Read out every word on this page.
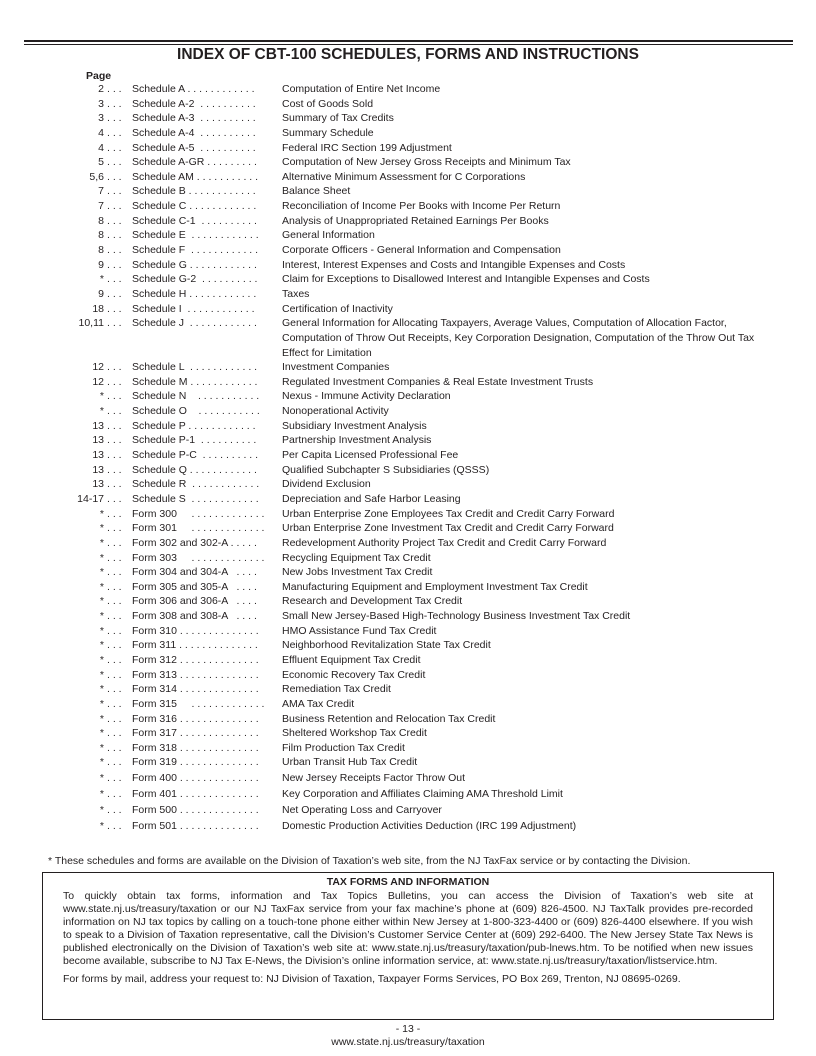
INDEX OF CBT-100 SCHEDULES, FORMS AND INSTRUCTIONS
Page
2 . . . Schedule A . . . . . . . . . . . .	Computation of Entire Net Income
3 . . . Schedule A-2  . . . . . . . . . .	Cost of Goods Sold
3 . . . Schedule A-3  . . . . . . . . . .	Summary of Tax Credits
4 . . . Schedule A-4  . . . . . . . . . .	Summary Schedule
4 . . . Schedule A-5  . . . . . . . . . .	Federal IRC Section 199 Adjustment
5 . . . Schedule A-GR . . . . . . . . . Computation of New Jersey Gross Receipts and Minimum Tax
5,6 . . . Schedule AM . . . . . . . . . . . Alternative Minimum Assessment for C Corporations
7 . . . Schedule B . . . . . . . . . . . .	Balance Sheet
7 . . . Schedule C . . . . . . . . . . . . Reconciliation of Income Per Books with Income Per Return
8 . . . Schedule C-1  . . . . . . . . . . Analysis of Unappropriated Retained Earnings Per Books
8 . . . Schedule E  . . . . . . . . . . . . General Information
8 . . . Schedule F  . . . . . . . . . . . . Corporate Officers - General Information and Compensation
9 . . . Schedule G . . . . . . . . . . . . Interest, Interest Expenses and Costs and Intangible Expenses and Costs
* . . . Schedule G-2  . . . . . . . . . . Claim for Exceptions to Disallowed Interest and Intangible Expenses and Costs
9 . . . Schedule H . . . . . . . . . . . . Taxes
18 . . . Schedule I  . . . . . . . . . . . .	Certification of Inactivity
10,11 . . . Schedule J  . . . . . . . . . . . . General Information for Allocating Taxpayers, Average Values, Computation of Allocation Factor, Computation of Throw Out Receipts, Key Corporation Designation, Computation of the Throw Out Tax Effect for Limitation
12 . . . Schedule L  . . . . . . . . . . . . Investment Companies
12 . . . Schedule M . . . . . . . . . . . . Regulated Investment Companies & Real Estate Investment Trusts
* . . . Schedule N    . . . . . . . . . . . Nexus - Immune Activity Declaration
* . . . Schedule O    . . . . . . . . . . . Nonoperational Activity
13 . . . Schedule P . . . . . . . . . . . .	Subsidiary Investment Analysis
13 . . . Schedule P-1  . . . . . . . . . . Partnership Investment Analysis
13 . . . Schedule P-C  . . . . . . . . . . Per Capita Licensed Professional Fee
13 . . . Schedule Q . . . . . . . . . . . . Qualified Subchapter S Subsidiaries (QSSS)
13 . . . Schedule R  . . . . . . . . . . . . Dividend Exclusion
14-17 . . . Schedule S  . . . . . . . . . . . . Depreciation and Safe Harbor Leasing
* . . . Form 300     . . . . . . . . . . . . . Urban Enterprise Zone Employees Tax Credit and Credit Carry Forward
* . . . Form 301     . . . . . . . . . . . . . Urban Enterprise Zone Investment Tax Credit and Credit Carry Forward
* . . . Form 302 and 302-A . . . . . Redevelopment Authority Project Tax Credit and Credit Carry Forward
* . . . Form 303     . . . . . . . . . . . . . Recycling Equipment Tax Credit
* . . . Form 304 and 304-A   . . . . New Jobs Investment Tax Credit
* . . . Form 305 and 305-A   . . . . Manufacturing Equipment and Employment Investment Tax Credit
* . . . Form 306 and 306-A   . . . . Research and Development Tax Credit
* . . . Form 308 and 308-A   . . . . Small New Jersey-Based High-Technology Business Investment Tax Credit
* . . . Form 310 . . . . . . . . . . . . . . HMO Assistance Fund Tax Credit
* . . . Form 311 . . . . . . . . . . . . . . Neighborhood Revitalization State Tax Credit
* . . . Form 312 . . . . . . . . . . . . . . Effluent Equipment Tax Credit
* . . . Form 313 . . . . . . . . . . . . . . Economic Recovery Tax Credit
* . . . Form 314 . . . . . . . . . . . . . . Remediation Tax Credit
* . . . Form 315     . . . . . . . . . . . . . AMA Tax Credit
* . . . Form 316 . . . . . . . . . . . . . . Business Retention and Relocation Tax Credit
* . . . Form 317 . . . . . . . . . . . . . . Sheltered Workshop Tax Credit
* . . . Form 318 . . . . . . . . . . . . . . Film Production Tax Credit
* . . . Form 319 . . . . . . . . . . . . . . Urban Transit Hub Tax Credit
* . . . Form 400 . . . . . . . . . . . . . . New Jersey Receipts Factor Throw Out
* . . . Form 401 . . . . . . . . . . . . . . Key Corporation and Affiliates Claiming AMA Threshold Limit
* . . . Form 500 . . . . . . . . . . . . . . Net Operating Loss and Carryover
* . . . Form 501 . . . . . . . . . . . . . . Domestic Production Activities Deduction (IRC 199 Adjustment)
* These schedules and forms are available on the Division of Taxation’s web site, from the NJ TaxFax service or by contacting the Division.
TAX FORMS AND INFORMATION

To quickly obtain tax forms, information and Tax Topics Bulletins, you can access the Division of Taxation’s web site at www.state.nj.us/treasury/taxation or our NJ TaxFax service from your fax machine’s phone at (609) 826-4500. NJ TaxTalk provides pre-recorded information on NJ tax topics by calling on a touch-tone phone either within New Jersey at 1-800-323-4400 or (609) 826-4400 elsewhere. If you wish to speak to a Division of Taxation representative, call the Division’s Customer Service Center at (609) 292-6400. The New Jersey State Tax News is published electronically on the Division of Taxation’s web site at: www.state.nj.us/treasury/taxation/pub-lnews.htm. To be notified when new issues become available, subscribe to NJ Tax E-News, the Division’s online information service, at: www.state.nj.us/treasury/taxation/listservice.htm.

For forms by mail, address your request to: NJ Division of Taxation, Taxpayer Forms Services, PO Box 269, Trenton, NJ 08695-0269.

- 13 -
www.state.nj.us/treasury/taxation
